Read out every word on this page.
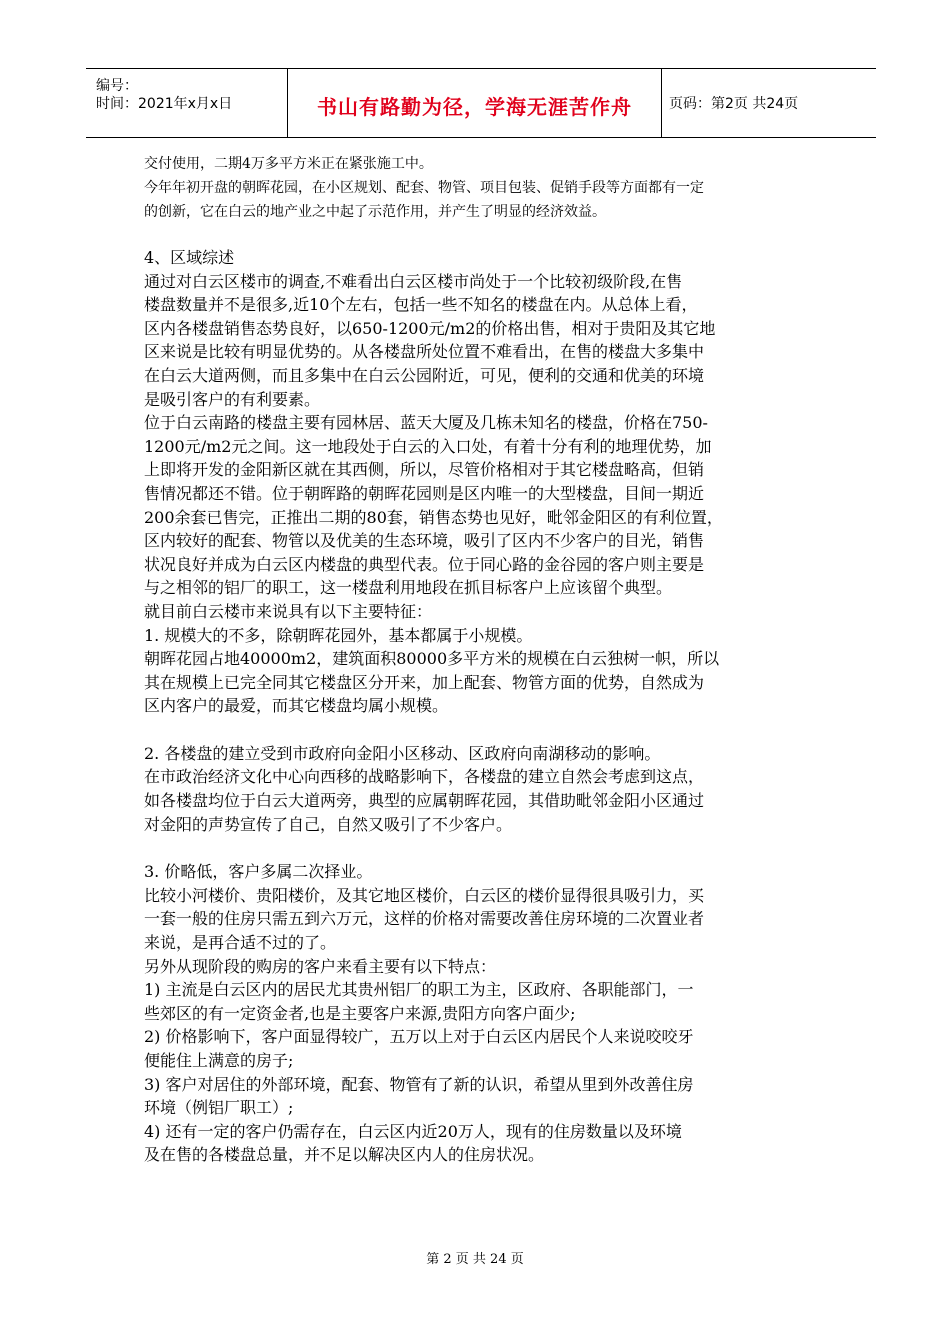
编号：
时间：2021年x月x日	书山有路勤为径，学海无涯苦作舟	页码：第2页 共24页

交付使用，二期4万多平方米正在紧张施工中。

今年年初开盘的朝晖花园，在小区规划、配套、物管、项目包装、促销手段等方面都有一定

的创新，它在白云的地产业之中起了示范作用，并产生了明显的经济效益。

4、区域综述

通过对白云区楼市的调查,不难看出白云区楼市尚处于一个比较初级阶段,在售

楼盘数量并不是很多,近10个左右，包括一些不知名的楼盘在内。从总体上看，

区内各楼盘销售态势良好，以650-1200元/m2的价格出售，相对于贵阳及其它地

区来说是比较有明显优势的。从各楼盘所处位置不难看出，在售的楼盘大多集中

在白云大道两侧，而且多集中在白云公园附近，可见，便利的交通和优美的环境

是吸引客户的有利要素。

位于白云南路的楼盘主要有园林居、蓝天大厦及几栋未知名的楼盘，价格在750-

1200元/m2元之间。这一地段处于白云的入口处，有着十分有利的地理优势，加

上即将开发的金阳新区就在其西侧，所以，尽管价格相对于其它楼盘略高，但销

售情况都还不错。位于朝晖路的朝晖花园则是区内唯一的大型楼盘，目间一期近

200余套已售完，正推出二期的80套，销售态势也见好，毗邻金阳区的有利位置，

区内较好的配套、物管以及优美的生态环境，吸引了区内不少客户的目光，销售

状况良好并成为白云区内楼盘的典型代表。位于同心路的金谷园的客户则主要是

与之相邻的铝厂的职工，这一楼盘利用地段在抓目标客户上应该留个典型。

就目前白云楼市来说具有以下主要特征：

1. 规模大的不多，除朝晖花园外，基本都属于小规模。

朝晖花园占地40000m2，建筑面积80000多平方米的规模在白云独树一帜，所以

其在规模上已完全同其它楼盘区分开来，加上配套、物管方面的优势，自然成为

区内客户的最爱，而其它楼盘均属小规模。

2. 各楼盘的建立受到市政府向金阳小区移动、区政府向南湖移动的影响。

在市政治经济文化中心向西移的战略影响下，各楼盘的建立自然会考虑到这点，

如各楼盘均位于白云大道两旁，典型的应属朝晖花园，其借助毗邻金阳小区通过

对金阳的声势宣传了自己，自然又吸引了不少客户。

3. 价略低，客户多属二次择业。

比较小河楼价、贵阳楼价，及其它地区楼价，白云区的楼价显得很具吸引力，买

一套一般的住房只需五到六万元，这样的价格对需要改善住房环境的二次置业者

来说，是再合适不过的了。

另外从现阶段的购房的客户来看主要有以下特点：

1) 主流是白云区内的居民尤其贵州铝厂的职工为主，区政府、各职能部门，一

些郊区的有一定资金者,也是主要客户来源,贵阳方向客户面少;

2) 价格影响下，客户面显得较广，五万以上对于白云区内居民个人来说咬咬牙

便能住上满意的房子;

3) 客户对居住的外部环境，配套、物管有了新的认识，希望从里到外改善住房

环境（例铝厂职工）;

4) 还有一定的客户仍需存在，白云区内近20万人，现有的住房数量以及环境

及在售的各楼盘总量，并不足以解决区内人的住房状况。

第 2 页 共 24 页
